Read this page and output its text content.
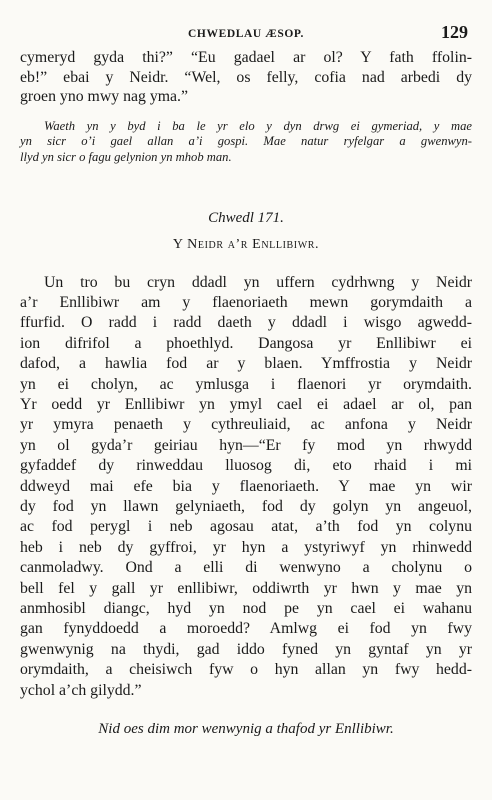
CHWEDLAU ÆSOP.	129

cymeryd gyda thi?” “Eu gadael ar ol? Y fath ffolin-
eb!” ebai y Neidr. “Wel, os felly, cofia nad arbedi dy
groen yno mwy nag yma.”

Waeth yn y byd i ba le yr elo y dyn drwg ei gymeriad, y mae
yn sicr o’i gael allan a’i gospi. Mae natur ryfelgar a gwenwyn-
llyd yn sicr o fagu gelynion yn mhob man.
Chwedl 171.
Y Neidr a’r Enllibiwr.
Un tro bu cryn ddadl yn uffern cydrhwng y Neidr
a’r Enllibiwr am y flaenoriaeth mewn gorymdaith a
ffurfid. O radd i radd daeth y ddadl i wisgo agwedd-
ion difrifol a phoethlyd. Dangosa yr Enllibiwr ei
dafod, a hawlia fod ar y blaen. Ymffrostia y Neidr
yn ei cholyn, ac ymlusga i flaenori yr orymdaith.
Yr oedd yr Enllibiwr yn ymyl cael ei adael ar ol, pan
yr ymyra penaeth y cythreuliaid, ac anfona y Neidr
yn ol gyda’r geiriau hyn—“Er fy mod yn rhwydd
gyfaddef dy rinweddau lluosog di, eto rhaid i mi
ddweyd mai efe bia y flaenoriaeth. Y mae yn wir
dy fod yn llawn gelyniaeth, fod dy golyn yn angeuol,
ac fod perygl i neb agosau atat, a’th fod yn colynu
heb i neb dy gyffroi, yr hyn a ystyriwyf yn rhinwedd
canmoladwy. Ond a elli di wenwyno a cholynu o
bell fel y gall yr enllibiwr, oddiwrth yr hwn y mae yn
anmhosibl diangc, hyd yn nod pe yn cael ei wahanu
gan fynyddoedd a moroedd? Amlwg ei fod yn fwy
gwenwynig na thydi, gad iddo fyned yn gyntaf yn yr
orymdaith, a cheisiwch fyw o hyn allan yn fwy hedd-
ychol a’ch gilydd.”
Nid oes dim mor wenwynig a thafod yr Enllibiwr.
